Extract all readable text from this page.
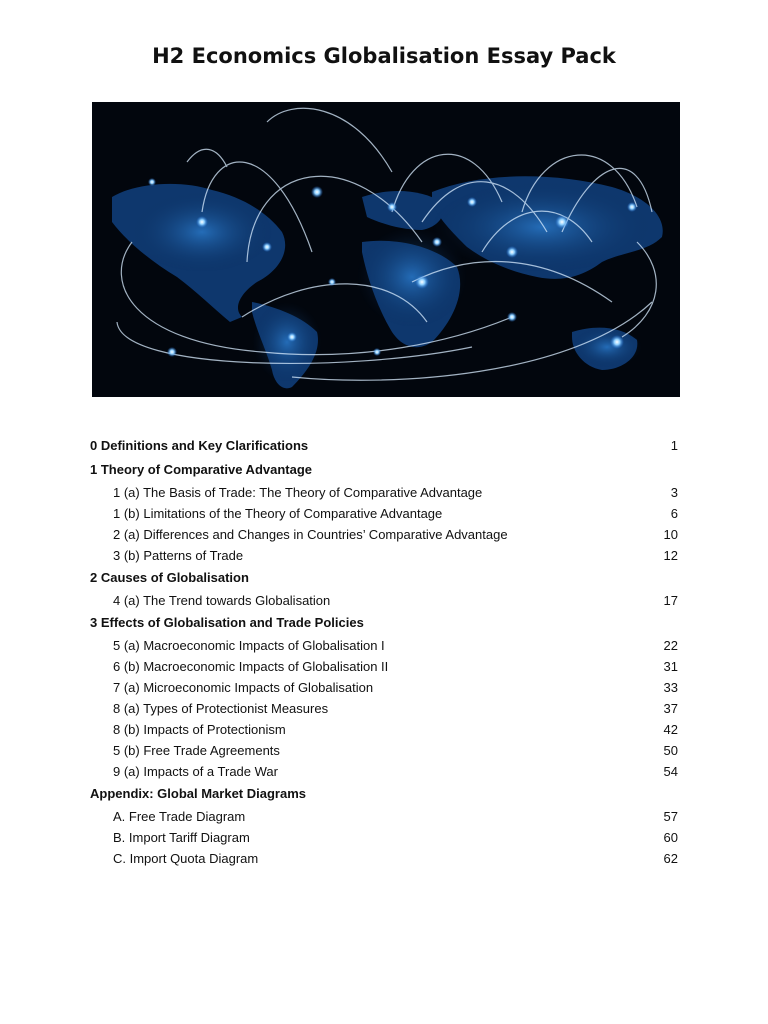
H2 Economics Globalisation Essay Pack
0 Definitions and Key Clarifications	1
1 Theory of Comparative Advantage
1 (a) The Basis of Trade: The Theory of Comparative Advantage	3
1 (b) Limitations of the Theory of Comparative Advantage	6
2 (a) Differences and Changes in Countries’ Comparative Advantage	10
3 (b) Patterns of Trade	12
2 Causes of Globalisation
4 (a) The Trend towards Globalisation	17
3 Effects of Globalisation and Trade Policies
5 (a) Macroeconomic Impacts of Globalisation I	22
6 (b) Macroeconomic Impacts of Globalisation II	31
7 (a) Microeconomic Impacts of Globalisation	33
8 (a) Types of Protectionist Measures	37
8 (b) Impacts of Protectionism	42
5 (b) Free Trade Agreements	50
9 (a) Impacts of a Trade War	54
Appendix: Global Market Diagrams
A. Free Trade Diagram	57
B. Import Tariff Diagram	60
C. Import Quota Diagram	62
